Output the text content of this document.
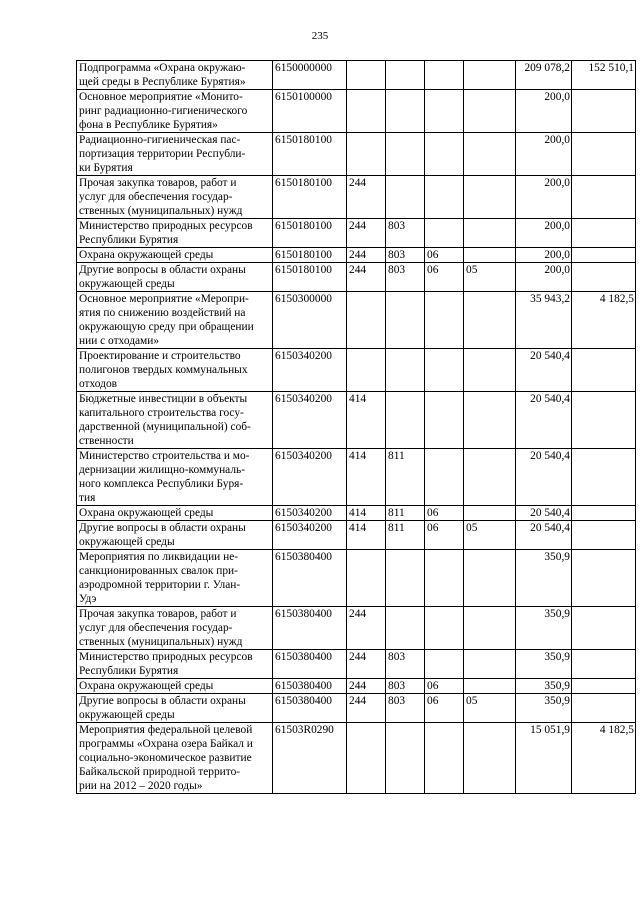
235
Подпрограмма «Охрана окружаю-
щей среды в Республике Бурятия»	6150000000					209 078,2	152 510,1
Основное мероприятие «Монито-
ринг радиационно-гигиенического
фона в Республике Бурятия»	6150100000					200,0	
Радиационно-гигиеническая пас-
портизация территории Республи-
ки Бурятия	6150180100					200,0	
Прочая закупка товаров, работ и
услуг для обеспечения государ-
ственных (муниципальных) нужд	6150180100	244				200,0	
Министерство природных ресурсов
Республики Бурятия	6150180100	244	803			200,0	
Охрана окружающей среды	6150180100	244	803	06		200,0	
Другие вопросы в области охраны
окружающей среды	6150180100	244	803	06	05	200,0	
Основное мероприятие «Меропри-
ятия по снижению воздействий на
окружающую среду при обращении
нии с отходами»	6150300000					35 943,2	4 182,5
Проектирование и строительство
полигонов твердых коммунальных
отходов	6150340200					20 540,4	
Бюджетные инвестиции в объекты
капитального строительства госу-
дарственной (муниципальной) соб-
ственности	6150340200	414				20 540,4	
Министерство строительства и мо-
дернизации жилищно-коммуналь-
ного комплекса Республики Буря-
тия	6150340200	414	811			20 540,4	
Охрана окружающей среды	6150340200	414	811	06		20 540,4	
Другие вопросы в области охраны
окружающей среды	6150340200	414	811	06	05	20 540,4	
Мероприятия по ликвидации не-
санкционированных свалок при-
аэродромной территории г. Улан-
Удэ	6150380400					350,9	
Прочая закупка товаров, работ и
услуг для обеспечения государ-
ственных (муниципальных) нужд	6150380400	244				350,9	
Министерство природных ресурсов
Республики Бурятия	6150380400	244	803			350,9	
Охрана окружающей среды	6150380400	244	803	06		350,9	
Другие вопросы в области охраны
окружающей среды	6150380400	244	803	06	05	350,9	
Мероприятия федеральной целевой
программы «Охрана озера Байкал и
социально-экономическое развитие
Байкальской природной террито-
рии на 2012 – 2020 годы»	61503R0290					15 051,9	4 182,5
